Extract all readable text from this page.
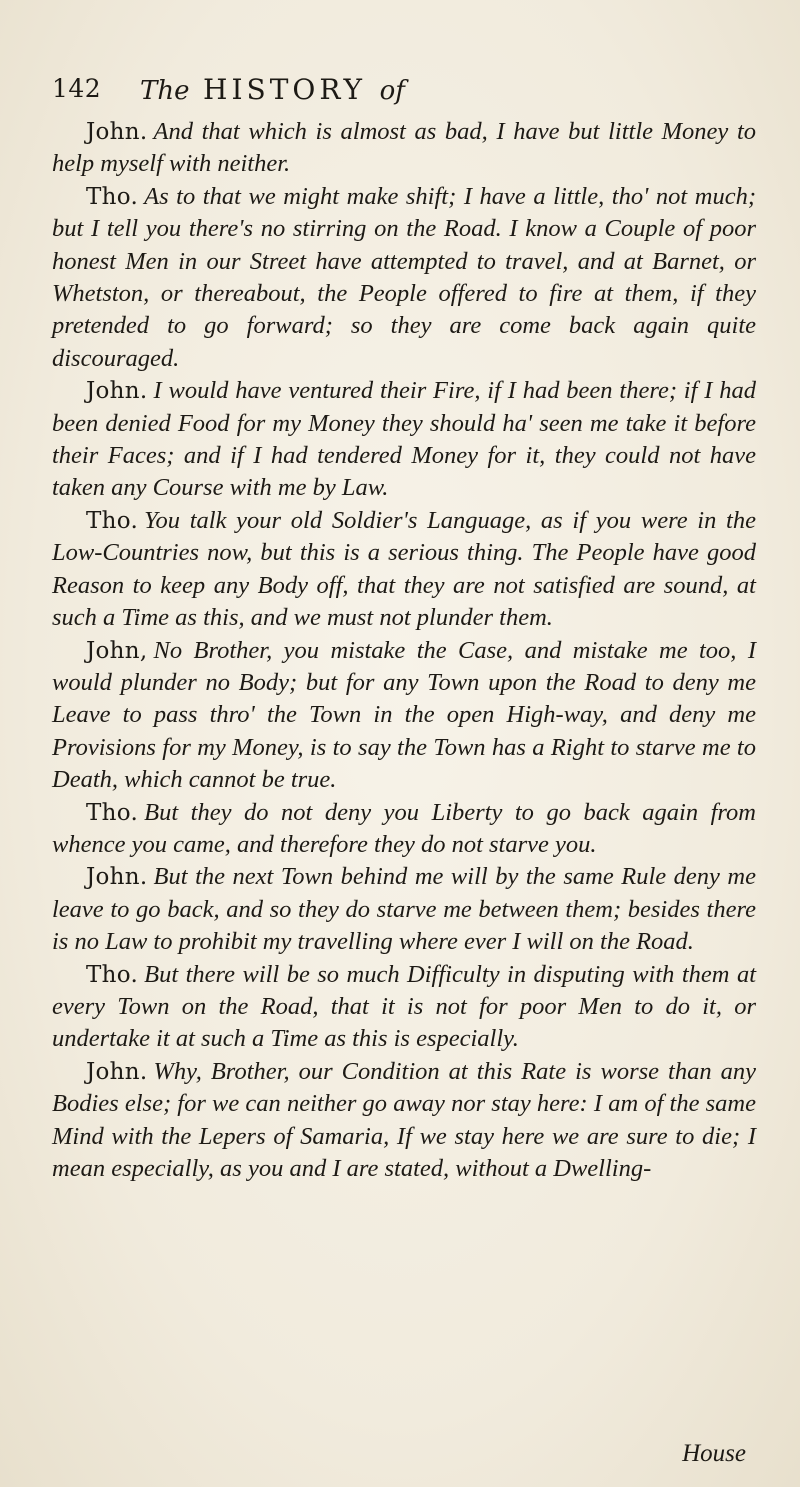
142 The HISTORY of

John. And that which is almost as bad, I have but little Money to help myself with neither.

Tho. As to that we might make shift; I have a little, tho' not much; but I tell you there's no stirring on the Road. I know a Couple of poor honest Men in our Street have attempted to travel, and at Barnet, or Whetston, or thereabout, the People offered to fire at them, if they pretended to go forward; so they are come back again quite discouraged.

John. I would have ventured their Fire, if I had been there; if I had been denied Food for my Money they should ha' seen me take it before their Faces; and if I had tendered Money for it, they could not have taken any Course with me by Law.

Tho. You talk your old Soldier's Language, as if you were in the Low-Countries now, but this is a serious thing. The People have good Reason to keep any Body off, that they are not satisfied are sound, at such a Time as this, and we must not plunder them.

John, No Brother, you mistake the Case, and mistake me too, I would plunder no Body; but for any Town upon the Road to deny me Leave to pass thro' the Town in the open High-way, and deny me Provisions for my Money, is to say the Town has a Right to starve me to Death, which cannot be true.

Tho. But they do not deny you Liberty to go back again from whence you came, and therefore they do not starve you.

John. But the next Town behind me will by the same Rule deny me leave to go back, and so they do starve me between them; besides there is no Law to prohibit my travelling where ever I will on the Road.

Tho. But there will be so much Difficulty in disputing with them at every Town on the Road, that it is not for poor Men to do it, or undertake it at such a Time as this is especially.

John. Why, Brother, our Condition at this Rate is worse than any Bodies else; for we can neither go away nor stay here: I am of the same Mind with the Lepers of Samaria, If we stay here we are sure to die; I mean especially, as you and I are stated, without a Dwelling-

House
